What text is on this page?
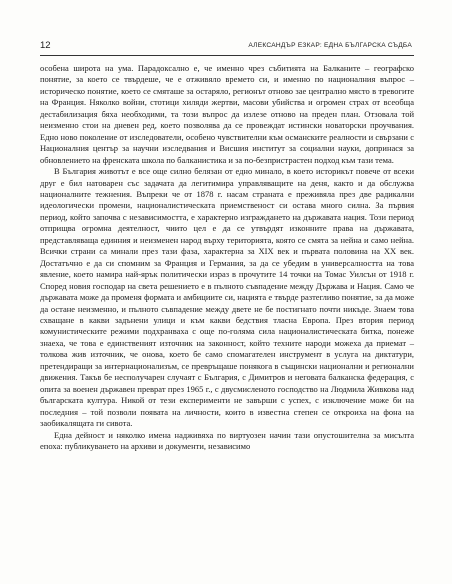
12	АЛЕКСАНДЪР ЕЗКАР: ЕДНА БЪЛГАРСКА СЪДБА

особена широта на ума. Парадоксално е, че именно чрез събитията на Балканите – географско понятие, за което се твърдеше, че е отживяло времето си, и именно по националния въпрос – историческо понятие, което се смяташе за остаряло, регионът отново зае централно място в тревогите на Франция. Няколко войни, стотици хиляди жертви, масови убийства и огромен страх от всеобща дестабилизация бяха необходими, та този въпрос да излезе отново на преден план. Отзовала той неизменно стои на дневен ред, което позволява да се провеждат истински новаторски проучвания. Едно ново поколение от изследователи, особено чувствителни към османските реалности и свързани с Националния център за научни изследвания и Висшия институт за социални науки, допринася за обновлението на френската школа по балканистика и за по-безпристрастен подход към тази тема.

В България животът е все още силно белязан от едно минало, в което историкът повече от всеки друг е бил натоварен със задачата да легитимира управляващите на деня, както и да обслужва националните тежнения. Въпреки че от 1878 г. насам страната е преживяла през две радикални идеологически промени, националистическата приемственост си остава много силна. За първия период, който започва с независимостта, е характерно изграждането на държавата нация. Този период отприщва огромна деятелност, чиито цел е да се утвърдят изконните права на държавата, представляваща единния и неизменен народ върху територията, която се смята за нейна и само нейна. Всички страни са минали през тази фаза, характерна за XIX век и първата половина на XX век. Достатъчно е да си спомним за Франция и Германия, за да се убедим в универсалността на това явление, което намира най-ярък политически израз в прочутите 14 точки на Томас Уилсън от 1918 г. Според новия господар на света решението е в пълното съвпадение между Държава и Нация. Само че държавата може да променя формата и амбициите си, нацията е твърде разтегливо понятие, за да може да остане неизменно, и пълното съвпадение между двете не бе постигнато почти никъде. Знаем това схващане в какви задънени улици и към какви бедствия тласна Европа. През втория период комунистическите режими подхранваха с още по-голяма сила националистическата битка, понеже знаеха, че това е единственият източник на законност, който техните народи можеха да приемат – толкова жив източник, че онова, което бе само спомагателен инструмент в услуга на диктатури, претендиращи за интернационализъм, се превръщаше понякога в същински национални и регионални движения. Такъв бе несполучарен случаят с България, с Димитров и неговата балканска федерация, с опита за военен държавен преврат през 1965 г., с двусмисленото господство на Людмила Живкова над българската култура. Никой от тези експерименти не завърши с успех, с изключение може би на последния – той позволи появата на личности, които в известна степен се откроиха на фона на заобикалящата ги сивота.

Една дейност и няколко имена надживяха по виртуозен начин тази опустошителна за мисълта епоха: публикуването на архиви и документи, независимо
